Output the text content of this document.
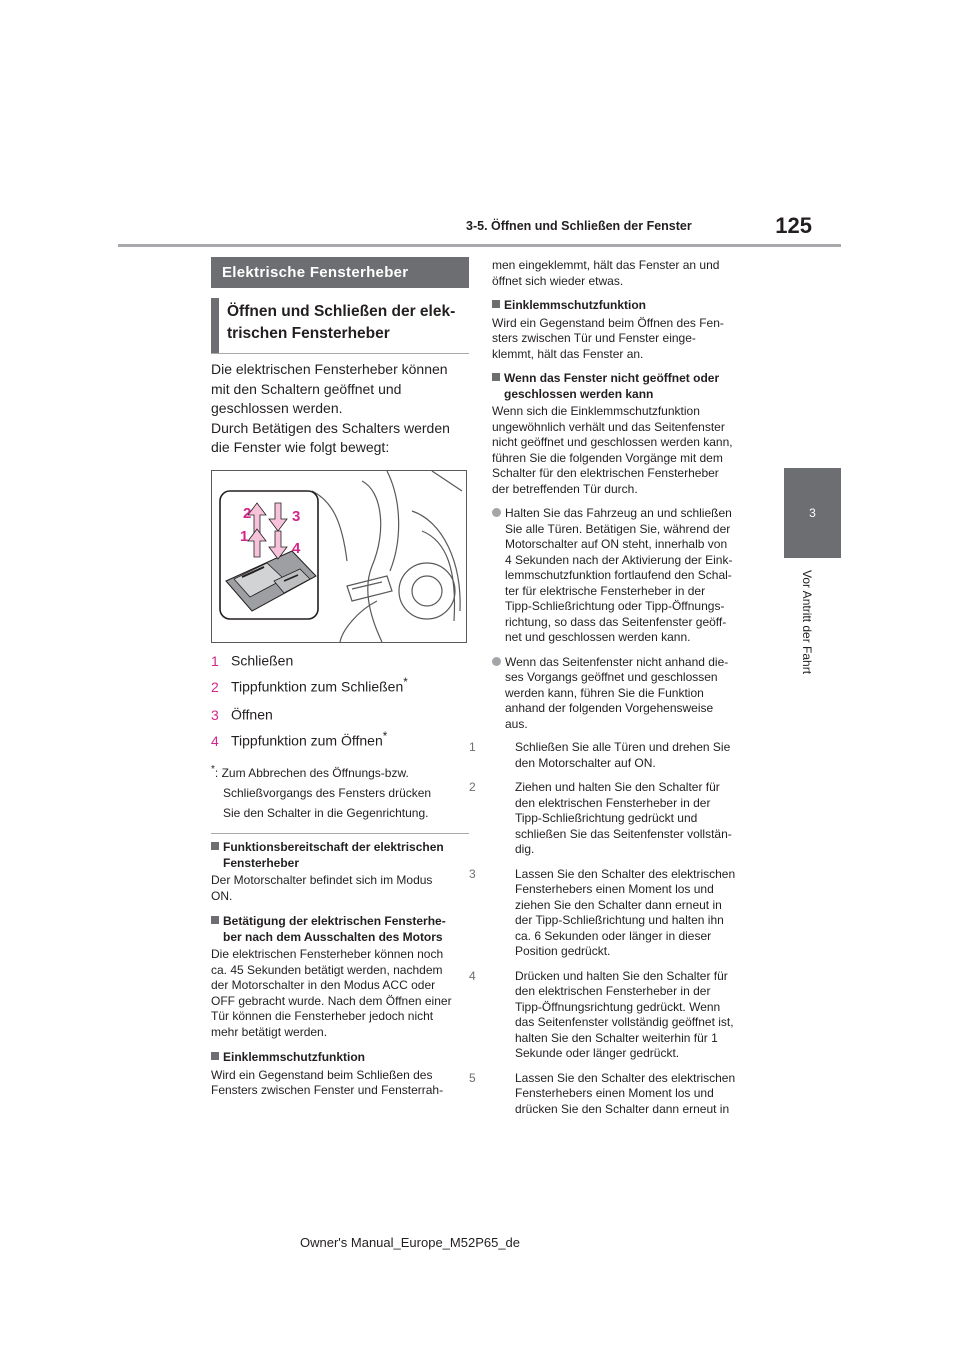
125
3-5. Öffnen und Schließen der Fenster
3
Vor Antritt der Fahrt
Elektrische Fensterheber
Öffnen und Schließen der elek-
trischen Fensterheber
Die elektrischen Fensterheber können
mit den Schaltern geöffnet und
geschlossen werden.
Durch Betätigen des Schalters werden
die Fenster wie folgt bewegt:
1
2	3
4
1 Schließen
2 Tippfunktion zum Schließen*
3 Öffnen
4 Tippfunktion zum Öffnen*
*: Zum Abbrechen des Öffnungs-bzw.
Schließvorgangs des Fensters drücken
Sie den Schalter in die Gegenrichtung.
Funktionsbereitschaft der elektrischen
Fensterheber
Der Motorschalter befindet sich im Modus
ON.
Betätigung der elektrischen Fensterhe-
ber nach dem Ausschalten des Motors
Die elektrischen Fensterheber können noch
ca. 45 Sekunden betätigt werden, nachdem
der Motorschalter in den Modus ACC oder
OFF gebracht wurde. Nach dem Öffnen einer
Tür können die Fensterheber jedoch nicht
mehr betätigt werden.
Einklemmschutzfunktion
Wird ein Gegenstand beim Schließen des
Fensters zwischen Fenster und Fensterrah-
men eingeklemmt, hält das Fenster an und
öffnet sich wieder etwas.
Einklemmschutzfunktion
Wird ein Gegenstand beim Öffnen des Fen-
sters zwischen Tür und Fenster einge-
klemmt, hält das Fenster an.
Wenn das Fenster nicht geöffnet oder
geschlossen werden kann
Wenn sich die Einklemmschutzfunktion
ungewöhnlich verhält und das Seitenfenster
nicht geöffnet und geschlossen werden kann,
führen Sie die folgenden Vorgänge mit dem
Schalter für den elektrischen Fensterheber
der betreffenden Tür durch.
Halten Sie das Fahrzeug an und schließen
Sie alle Türen. Betätigen Sie, während der
Motorschalter auf ON steht, innerhalb von
4 Sekunden nach der Aktivierung der Eink-
lemmschutzfunktion fortlaufend den Schal-
ter für elektrische Fensterheber in der
Tipp-Schließrichtung oder Tipp-Öffnungs-
richtung, so dass das Seitenfenster geöff-
net und geschlossen werden kann.
Wenn das Seitenfenster nicht anhand die-
ses Vorgangs geöffnet und geschlossen
werden kann, führen Sie die Funktion
anhand der folgenden Vorgehensweise
aus.
1	Schließen Sie alle Türen und drehen Sie
den Motorschalter auf ON.
2	Ziehen und halten Sie den Schalter für
den elektrischen Fensterheber in der
Tipp-Schließrichtung gedrückt und
schließen Sie das Seitenfenster vollstän-
dig.
3	Lassen Sie den Schalter des elektrischen
Fensterhebers einen Moment los und
ziehen Sie den Schalter dann erneut in
der Tipp-Schließrichtung und halten ihn
ca. 6 Sekunden oder länger in dieser
Position gedrückt.
4	Drücken und halten Sie den Schalter für
den elektrischen Fensterheber in der
Tipp-Öffnungsrichtung gedrückt. Wenn
das Seitenfenster vollständig geöffnet ist,
halten Sie den Schalter weiterhin für 1
Sekunde oder länger gedrückt.
5	Lassen Sie den Schalter des elektrischen
Fensterhebers einen Moment los und
drücken Sie den Schalter dann erneut in
Owner's Manual_Europe_M52P65_de
